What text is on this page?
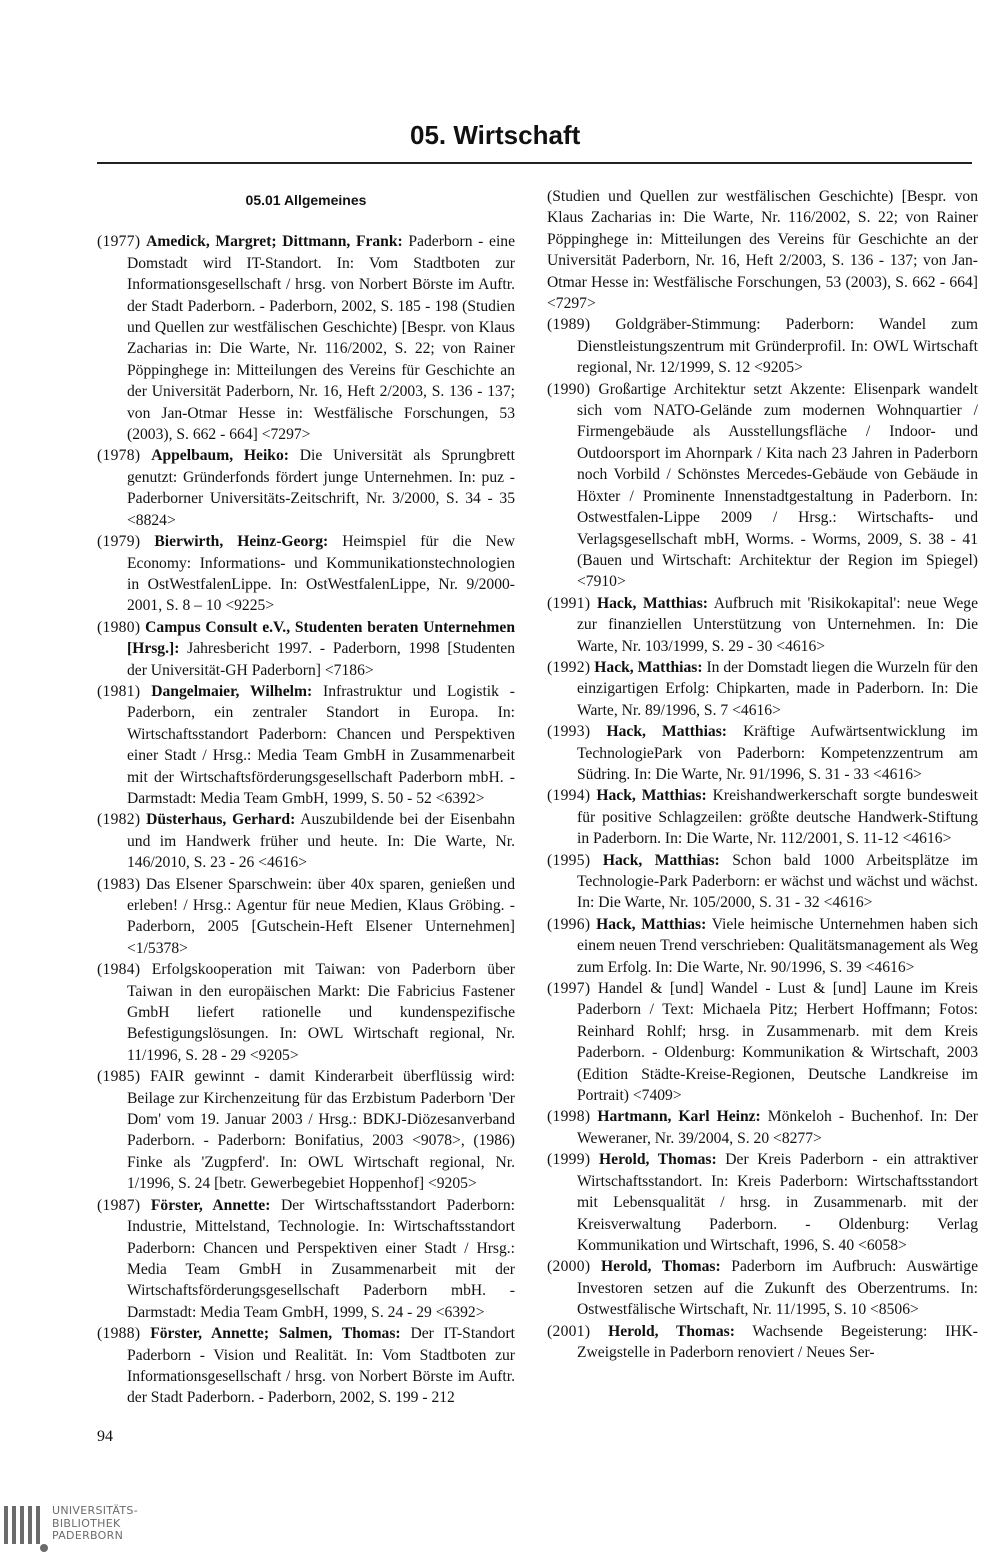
05. Wirtschaft
05.01 Allgemeines

(1977) Amedick, Margret; Dittmann, Frank: Paderborn - eine Domstadt wird IT-Standort. In: Vom Stadtboten zur Informationsgesellschaft / hrsg. von Norbert Börste im Auftr. der Stadt Paderborn. - Paderborn, 2002, S. 185 - 198 (Studien und Quellen zur westfälischen Geschichte) [Bespr. von Klaus Zacharias in: Die Warte, Nr. 116/2002, S. 22; von Rainer Pöppinghege in: Mitteilungen des Vereins für Geschichte an der Universität Paderborn, Nr. 16, Heft 2/2003, S. 136 - 137; von Jan-Otmar Hesse in: Westfälische Forschungen, 53 (2003), S. 662 - 664] <7297>

(1978) Appelbaum, Heiko: Die Universität als Sprungbrett genutzt: Gründerfonds fördert junge Unternehmen. In: puz - Paderborner Universitäts-Zeitschrift, Nr. 3/2000, S. 34 - 35 <8824>

(1979) Bierwirth, Heinz-Georg: Heimspiel für die New Economy: Informations- und Kommunikationstechnologien in OstWestfalenLippe. In: OstWestfalenLippe, Nr. 9/2000-2001, S. 8 – 10 <9225>

(1980) Campus Consult e.V., Studenten beraten Unternehmen [Hrsg.]: Jahresbericht 1997. - Paderborn, 1998 [Studenten der Universität-GH Paderborn] <7186>

(1981) Dangelmaier, Wilhelm: Infrastruktur und Logistik - Paderborn, ein zentraler Standort in Europa. In: Wirtschaftsstandort Paderborn: Chancen und Perspektiven einer Stadt / Hrsg.: Media Team GmbH in Zusammenarbeit mit der Wirtschaftsförderungsgesellschaft Paderborn mbH. - Darmstadt: Media Team GmbH, 1999, S. 50 - 52 <6392>

(1982) Düsterhaus, Gerhard: Auszubildende bei der Eisenbahn und im Handwerk früher und heute. In: Die Warte, Nr. 146/2010, S. 23 - 26 <4616>

(1983) Das Elsener Sparschwein: über 40x sparen, genießen und erleben! / Hrsg.: Agentur für neue Medien, Klaus Gröbing. - Paderborn, 2005 [Gutschein-Heft Elsener Unternehmen] <1/5378>

(1984) Erfolgskooperation mit Taiwan: von Paderborn über Taiwan in den europäischen Markt: Die Fabricius Fastener GmbH liefert rationelle und kundenspezifische Befestigungslösungen. In: OWL Wirtschaft regional, Nr. 11/1996, S. 28 - 29 <9205>

(1985) FAIR gewinnt - damit Kinderarbeit überflüssig wird: Beilage zur Kirchenzeitung für das Erzbistum Paderborn 'Der Dom' vom 19. Januar 2003 / Hrsg.: BDKJ-Diözesanverband Paderborn. - Paderborn: Bonifatius, 2003 <9078>, (1986) Finke als 'Zugpferd'. In: OWL Wirtschaft regional, Nr. 1/1996, S. 24 [betr. Gewerbegebiet Hoppenhof] <9205>

(1987) Förster, Annette: Der Wirtschaftsstandort Paderborn: Industrie, Mittelstand, Technologie. In: Wirtschaftsstandort Paderborn: Chancen und Perspektiven einer Stadt / Hrsg.: Media Team GmbH in Zusammenarbeit mit der Wirtschaftsförderungsgesellschaft Paderborn mbH. - Darmstadt: Media Team GmbH, 1999, S. 24 - 29 <6392>

(1988) Förster, Annette; Salmen, Thomas: Der IT-Standort Paderborn - Vision und Realität. In: Vom Stadtboten zur Informationsgesellschaft / hrsg. von Norbert Börste im Auftr. der Stadt Paderborn. - Paderborn, 2002, S. 199 - 212

(Studien und Quellen zur westfälischen Geschichte) [Bespr. von Klaus Zacharias in: Die Warte, Nr. 116/2002, S. 22; von Rainer Pöppinghege in: Mitteilungen des Vereins für Geschichte an der Universität Paderborn, Nr. 16, Heft 2/2003, S. 136 - 137; von Jan-Otmar Hesse in: Westfälische Forschungen, 53 (2003), S. 662 - 664] <7297>

(1989) Goldgräber-Stimmung: Paderborn: Wandel zum Dienstleistungszentrum mit Gründerprofil. In: OWL Wirtschaft regional, Nr. 12/1999, S. 12 <9205>

(1990) Großartige Architektur setzt Akzente: Elisenpark wandelt sich vom NATO-Gelände zum modernen Wohnquartier / Firmengebäude als Ausstellungsfläche / Indoor- und Outdoorsport im Ahornpark / Kita nach 23 Jahren in Paderborn noch Vorbild / Schönstes Mercedes-Gebäude von Gebäude in Höxter / Prominente Innenstadtgestaltung in Paderborn. In: Ostwestfalen-Lippe 2009 / Hrsg.: Wirtschafts- und Verlagsgesellschaft mbH, Worms. - Worms, 2009, S. 38 - 41 (Bauen und Wirtschaft: Architektur der Region im Spiegel) <7910>

(1991) Hack, Matthias: Aufbruch mit 'Risikokapital': neue Wege zur finanziellen Unterstützung von Unternehmen. In: Die Warte, Nr. 103/1999, S. 29 - 30 <4616>

(1992) Hack, Matthias: In der Domstadt liegen die Wurzeln für den einzigartigen Erfolg: Chipkarten, made in Paderborn. In: Die Warte, Nr. 89/1996, S. 7 <4616>

(1993) Hack, Matthias: Kräftige Aufwärtsentwicklung im TechnologiePark von Paderborn: Kompetenzzentrum am Südring. In: Die Warte, Nr. 91/1996, S. 31 - 33 <4616>

(1994) Hack, Matthias: Kreishandwerkerschaft sorgte bundesweit für positive Schlagzeilen: größte deutsche Handwerk-Stiftung in Paderborn. In: Die Warte, Nr. 112/2001, S. 11-12 <4616>

(1995) Hack, Matthias: Schon bald 1000 Arbeitsplätze im Technologie-Park Paderborn: er wächst und wächst und wächst. In: Die Warte, Nr. 105/2000, S. 31 - 32 <4616>

(1996) Hack, Matthias: Viele heimische Unternehmen haben sich einem neuen Trend verschrieben: Qualitätsmanagement als Weg zum Erfolg. In: Die Warte, Nr. 90/1996, S. 39 <4616>

(1997) Handel & [und] Wandel - Lust & [und] Laune im Kreis Paderborn / Text: Michaela Pitz; Herbert Hoffmann; Fotos: Reinhard Rohlf; hrsg. in Zusammenarb. mit dem Kreis Paderborn. - Oldenburg: Kommunikation & Wirtschaft, 2003 (Edition Städte-Kreise-Regionen, Deutsche Landkreise im Portrait) <7409>

(1998) Hartmann, Karl Heinz: Mönkeloh - Buchenhof. In: Der Weweraner, Nr. 39/2004, S. 20 <8277>

(1999) Herold, Thomas: Der Kreis Paderborn - ein attraktiver Wirtschaftsstandort. In: Kreis Paderborn: Wirtschaftsstandort mit Lebensqualität / hrsg. in Zusammenarb. mit der Kreisverwaltung Paderborn. - Oldenburg: Verlag Kommunikation und Wirtschaft, 1996, S. 40 <6058>

(2000) Herold, Thomas: Paderborn im Aufbruch: Auswärtige Investoren setzen auf die Zukunft des Oberzentrums. In: Ostwestfälische Wirtschaft, Nr. 11/1995, S. 10 <8506>

(2001) Herold, Thomas: Wachsende Begeisterung: IHK-Zweigstelle in Paderborn renoviert / Neues Ser-

94
UNIVERSITÄTS-
BIBLIOTHEK
PADERBORN
